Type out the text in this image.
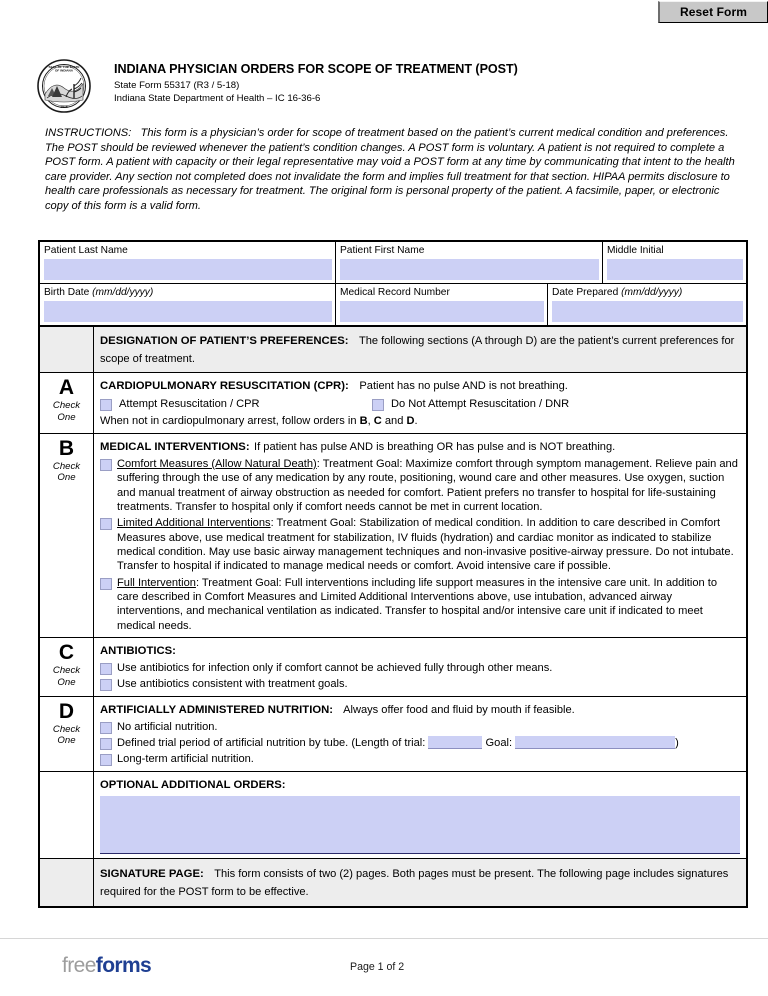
Reset Form
SEAL OF THE STATE
OF INDIANA
1816
INDIANA PHYSICIAN ORDERS FOR SCOPE OF TREATMENT (POST)
State Form 55317 (R3 / 5-18)
Indiana State Department of Health – IC 16-36-6
INSTRUCTIONS: This form is a physician’s order for scope of treatment based on the patient’s current medical condition and preferences. The POST should be reviewed whenever the patient’s condition changes. A POST form is voluntary. A patient is not required to complete a POST form. A patient with capacity or their legal representative may void a POST form at any time by communicating that intent to the health care provider. Any section not completed does not invalidate the form and implies full treatment for that section. HIPAA permits disclosure to health care professionals as necessary for treatment. The original form is personal property of the patient. A facsimile, paper, or electronic copy of this form is a valid form.
Patient Last Name	Patient First Name	Middle Initial
Birth Date (mm/dd/yyyy)	Medical Record Number	Date Prepared (mm/dd/yyyy)
DESIGNATION OF PATIENT’S PREFERENCES: The following sections (A through D) are the patient’s current preferences for scope of treatment.
A
Check
One
CARDIOPULMONARY RESUSCITATION (CPR): Patient has no pulse AND is not breathing.
Attempt Resuscitation / CPR	Do Not Attempt Resuscitation / DNR
When not in cardiopulmonary arrest, follow orders in B, C and D.
B
Check
One
MEDICAL INTERVENTIONS: If patient has pulse AND is breathing OR has pulse and is NOT breathing.
Comfort Measures (Allow Natural Death): Treatment Goal: Maximize comfort through symptom management. Relieve pain and suffering through the use of any medication by any route, positioning, wound care and other measures. Use oxygen, suction and manual treatment of airway obstruction as needed for comfort. Patient prefers no transfer to hospital for life-sustaining treatments. Transfer to hospital only if comfort needs cannot be met in current location.
Limited Additional Interventions: Treatment Goal: Stabilization of medical condition. In addition to care described in Comfort Measures above, use medical treatment for stabilization, IV fluids (hydration) and cardiac monitor as indicated to stabilize medical condition. May use basic airway management techniques and non-invasive positive-airway pressure. Do not intubate. Transfer to hospital if indicated to manage medical needs or comfort. Avoid intensive care if possible.
Full Intervention: Treatment Goal: Full interventions including life support measures in the intensive care unit. In addition to care described in Comfort Measures and Limited Additional Interventions above, use intubation, advanced airway interventions, and mechanical ventilation as indicated. Transfer to hospital and/or intensive care unit if indicated to meet medical needs.
C
Check
One
ANTIBIOTICS:
Use antibiotics for infection only if comfort cannot be achieved fully through other means.
Use antibiotics consistent with treatment goals.
D
Check
One
ARTIFICIALLY ADMINISTERED NUTRITION: Always offer food and fluid by mouth if feasible.
No artificial nutrition.
Defined trial period of artificial nutrition by tube. (Length of trial:	Goal:	)
Long-term artificial nutrition.
OPTIONAL ADDITIONAL ORDERS:
SIGNATURE PAGE: This form consists of two (2) pages. Both pages must be present. The following page includes signatures required for the POST form to be effective.
freeforms	Page 1 of 2
